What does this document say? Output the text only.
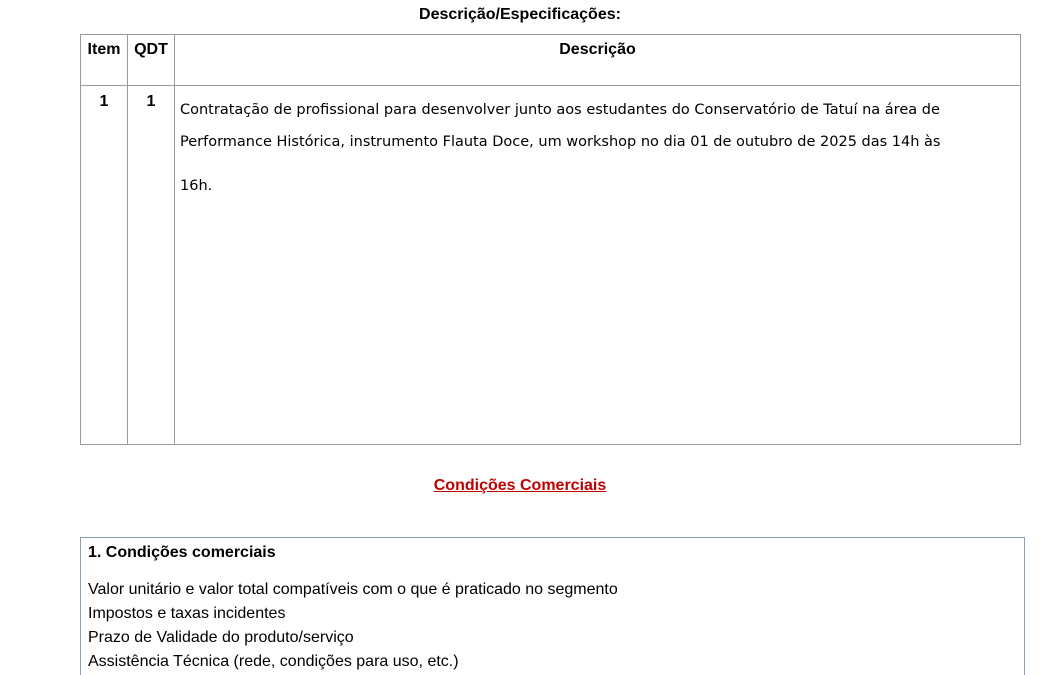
Descrição/Especificações:
Item	QDT	Descrição
1	1	Contratação de profissional para desenvolver junto aos estudantes do Conservatório de Tatuí na área de
Performance Histórica, instrumento Flauta Doce, um workshop no dia 01 de outubro de 2025 das 14h às
16h.
Condições Comerciais
1. Condições comerciais
Valor unitário e valor total compatíveis com o que é praticado no segmento
Impostos e taxas incidentes
Prazo de Validade do produto/serviço
Assistência Técnica (rede, condições para uso, etc.)
